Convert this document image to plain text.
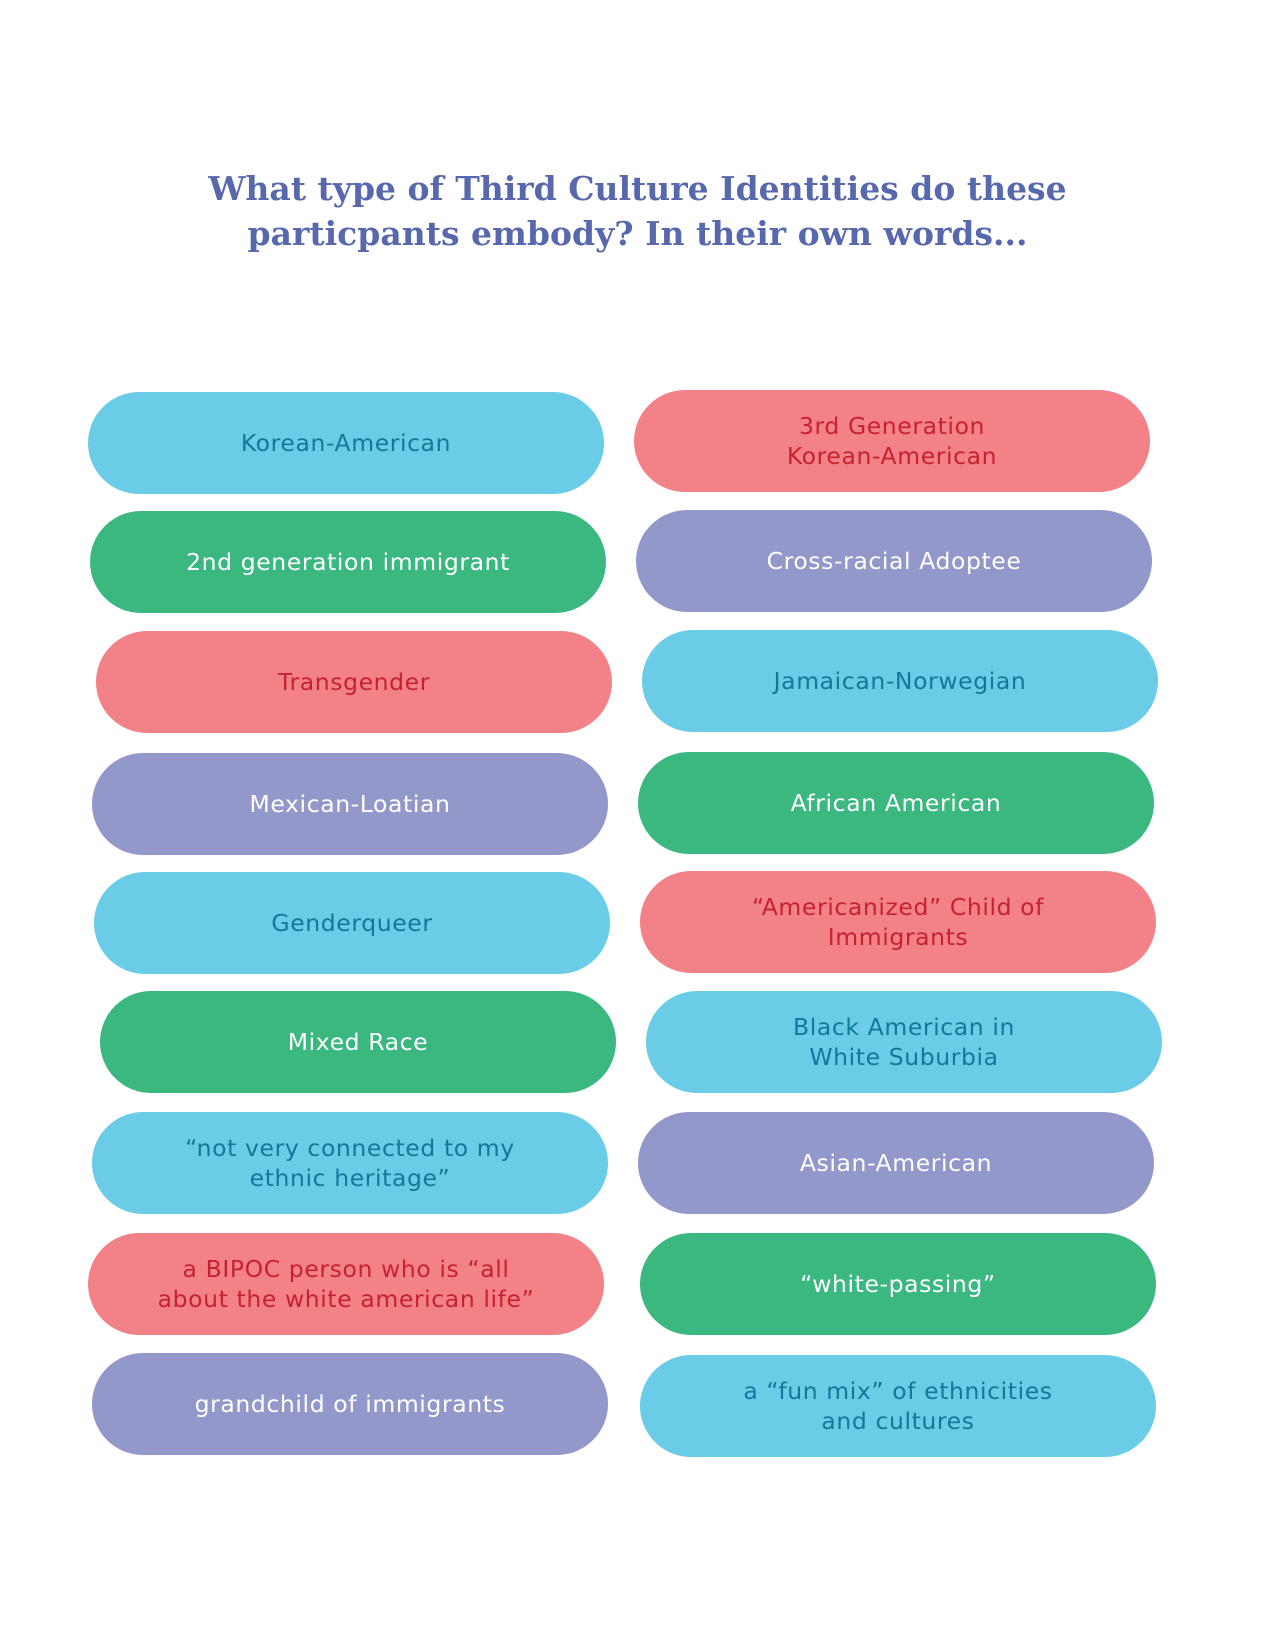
What type of Third Culture Identities do these
particpants embody? In their own words...
Korean-American
2nd generation immigrant
Transgender
Mexican-Loatian
Genderqueer
Mixed Race
“not very connected to my
ethnic heritage”
a BIPOC person who is “all
about the white american life”
grandchild of immigrants
3rd Generation
Korean-American
Cross-racial Adoptee
Jamaican-Norwegian
African American
“Americanized” Child of
Immigrants
Black American in
White Suburbia
Asian-American
“white-passing”
a “fun mix” of ethnicities
and cultures
